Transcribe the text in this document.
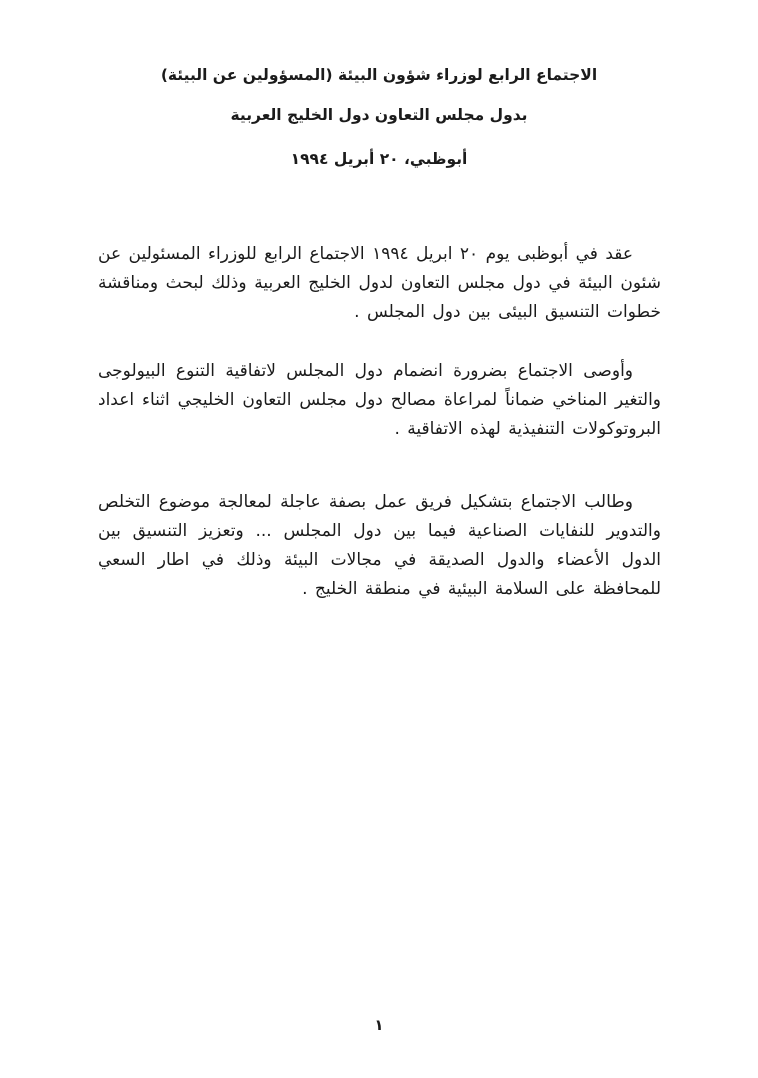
الاجتماع الرابع لوزراء شؤون البيئة (المسؤولين عن البيئة)
بدول مجلس التعاون دول الخليج العربية
أبوظبي، ٢٠ أبريل ١٩٩٤

عقد في أبوظبى يوم ٢٠ ابريل ١٩٩٤ الاجتماع الرابع للوزراء المسئولين عن شئون البيئة في دول مجلس التعاون لدول الخليج العربية وذلك لبحث ومناقشة خطوات التنسيق البيئى بين دول المجلس .

وأوصى الاجتماع بضرورة انضمام دول المجلس لاتفاقية التنوع البيولوجى والتغير المناخي ضماناً لمراعاة مصالح دول مجلس التعاون الخليجي اثناء اعداد البروتوكولات التنفيذية لهذه الاتفاقية .

وطالب الاجتماع بتشكيل فريق عمل بصفة عاجلة لمعالجة موضوع التخلص والتدوير للنفايات الصناعية فيما بين دول المجلس ... وتعزيز التنسيق بين الدول الأعضاء والدول الصديقة في مجالات البيئة وذلك في اطار السعي للمحافظة على السلامة البيئية في منطقة الخليج .

١
